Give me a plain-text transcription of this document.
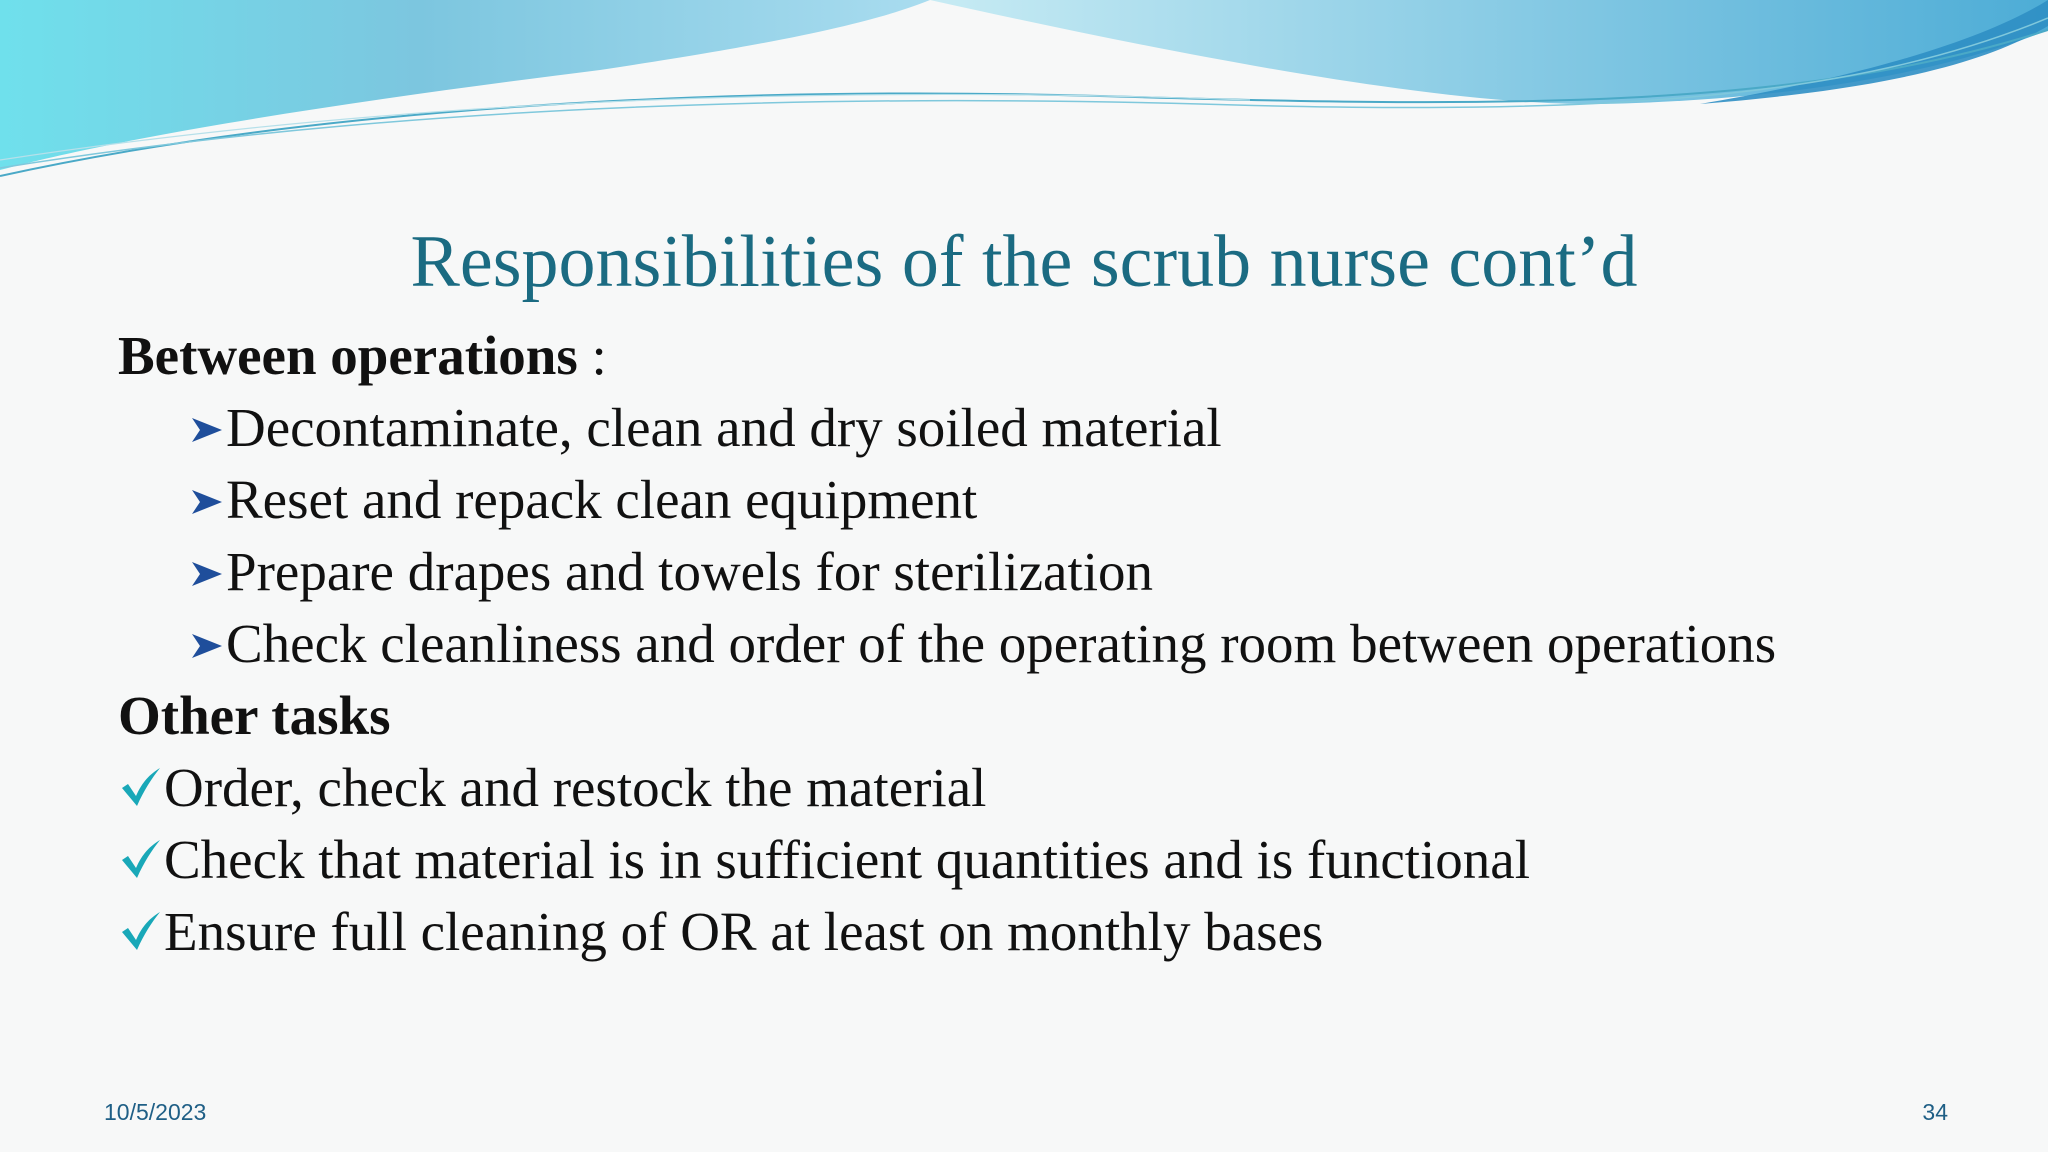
Responsibilities of the scrub nurse cont’d
Between operations :
Decontaminate, clean and dry soiled material
Reset and repack clean equipment
Prepare drapes and towels for sterilization
Check cleanliness and order of the operating room between operations
Other tasks
Order, check and restock the material
Check that material is in sufficient quantities and is functional
Ensure full cleaning of OR at least on monthly bases
10/5/2023	34
